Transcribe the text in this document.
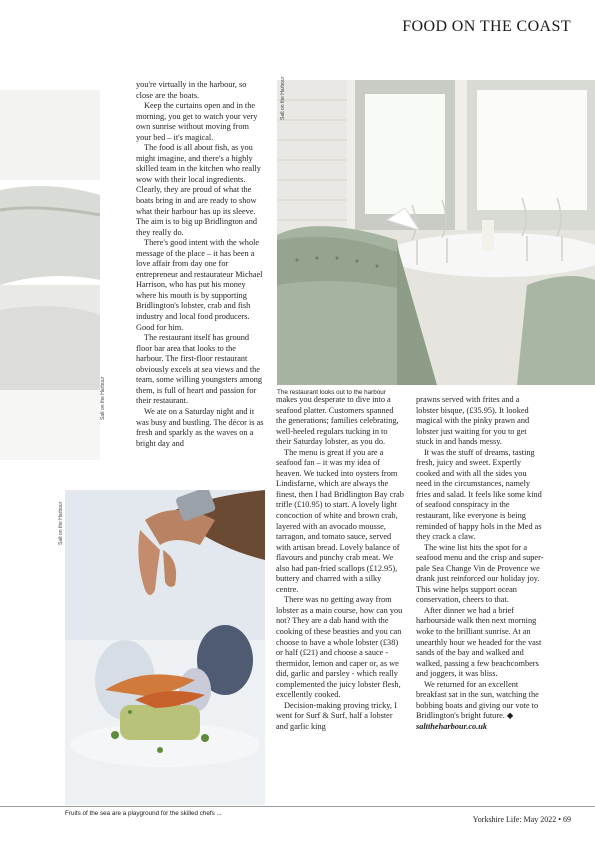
FOOD ON THE COAST
Salt on the Harbour
Salt on the Harbour
The restaurant looks out to the harbour
Salt on the Harbour
Fruits of the sea are a playground for the skilled chefs ...

you're virtually in the harbour, so close are the boats.

Keep the curtains open and in the morning, you get to watch your very own sunrise without moving from your bed – it's magical.

The food is all about fish, as you might imagine, and there's a highly skilled team in the kitchen who really wow with their local ingredients. Clearly, they are proud of what the boats bring in and are ready to show what their harbour has up its sleeve. The aim is to big up Bridlington and they really do.

There's good intent with the whole message of the place – it has been a love affair from day one for entrepreneur and restaurateur Michael Harrison, who has put his money where his mouth is by supporting Bridlington's lobster, crab and fish industry and local food producers. Good for him.

The restaurant itself has ground floor bar area that looks to the harbour. The first-floor restaurant obviously excels at sea views and the team, some willing youngsters among them, is full of heart and passion for their restaurant.

We ate on a Saturday night and it was busy and bustling. The décor is as fresh and sparkly as the waves on a bright day and

makes you desperate to dive into a seafood platter. Customers spanned the generations; families celebrating, well-heeled regulars tucking in to their Saturday lobster, as you do.

The menu is great if you are a seafood fan – it was my idea of heaven. We tucked into oysters from Lindisfarne, which are always the finest, then I had Bridlington Bay crab trifle (£10.95) to start. A lovely light concoction of white and brown crab, layered with an avocado mousse, tarragon, and tomato sauce, served with artisan bread. Lovely balance of flavours and punchy crab meat. We also had pan-fried scallops (£12.95), buttery and charred with a silky centre.

There was no getting away from lobster as a main course, how can you not? They are a dab hand with the cooking of these beasties and you can choose to have a whole lobster (£38) or half (£21) and choose a sauce - thermidor, lemon and caper or, as we did, garlic and parsley - which really complemented the juicy lobster flesh, excellently cooked.

Decision-making proving tricky, I went for Surf & Surf, half a lobster and garlic king

prawns served with frites and a lobster bisque, (£35.95). It looked magical with the pinky prawn and lobster just waiting for you to get stuck in and hands messy.

It was the stuff of dreams, tasting fresh, juicy and sweet. Expertly cooked and with all the sides you need in the circumstances, namely fries and salad. It feels like some kind of seafood conspiracy in the restaurant, like everyone is being reminded of happy hols in the Med as they crack a claw.

The wine list hits the spot for a seafood menu and the crisp and super-pale Sea Change Vin de Provence we drank just reinforced our holiday joy. This wine helps support ocean conservation, cheers to that.

After dinner we had a brief harbourside walk then next morning woke to the brilliant sunrise. At an unearthly hour we headed for the vast sands of the bay and walked and walked, passing a few beachcombers and joggers, it was bliss.

We returned for an excellent breakfast sat in the sun, watching the bobbing boats and giving our vote to Bridlington's bright future. ◆

salttheharbour.co.uk

Yorkshire Life: May 2022 • 69
